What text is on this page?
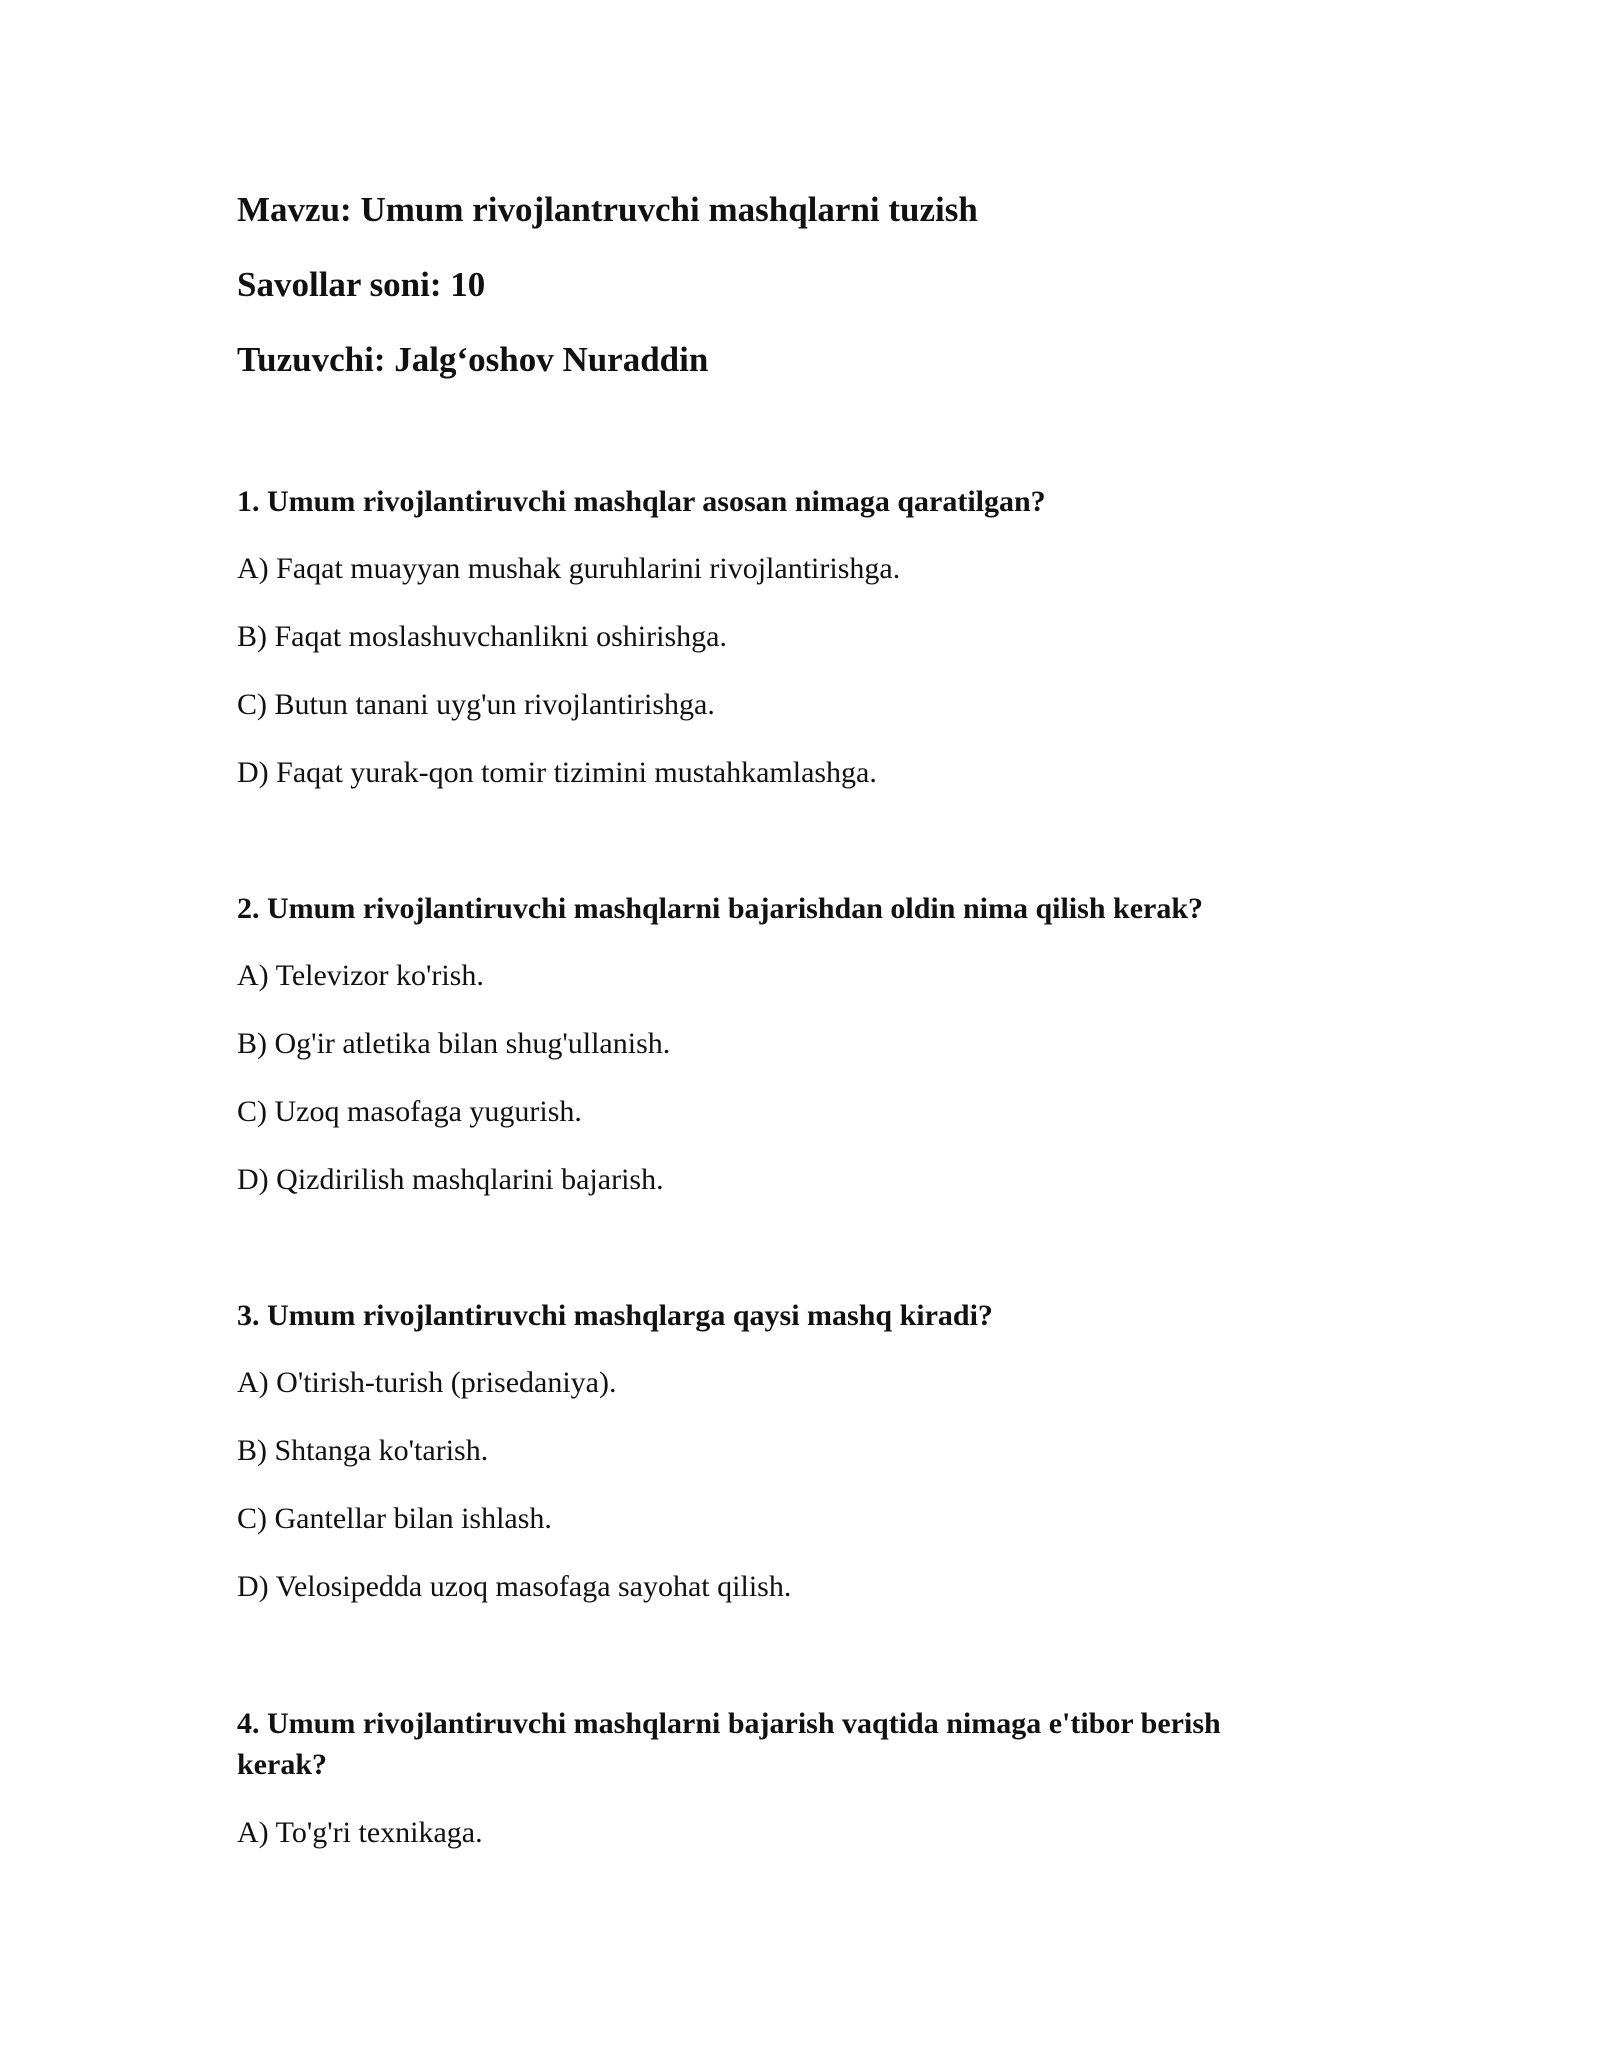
Mavzu: Umum rivojlantruvchi mashqlarni tuzish
Savollar soni: 10
Tuzuvchi: Jalg‘oshov Nuraddin
1. Umum rivojlantiruvchi mashqlar asosan nimaga qaratilgan?
A) Faqat muayyan mushak guruhlarini rivojlantirishga.
B) Faqat moslashuvchanlikni oshirishga.
C) Butun tanani uyg'un rivojlantirishga.
D) Faqat yurak-qon tomir tizimini mustahkamlashga.
2. Umum rivojlantiruvchi mashqlarni bajarishdan oldin nima qilish kerak?
A) Televizor ko'rish.
B) Og'ir atletika bilan shug'ullanish.
C) Uzoq masofaga yugurish.
D) Qizdirilish mashqlarini bajarish.
3. Umum rivojlantiruvchi mashqlarga qaysi mashq kiradi?
A) O'tirish-turish (prisedaniya).
B) Shtanga ko'tarish.
C) Gantellar bilan ishlash.
D) Velosipedda uzoq masofaga sayohat qilish.
4. Umum rivojlantiruvchi mashqlarni bajarish vaqtida nimaga e'tibor berish kerak?
A) To'g'ri texnikaga.
